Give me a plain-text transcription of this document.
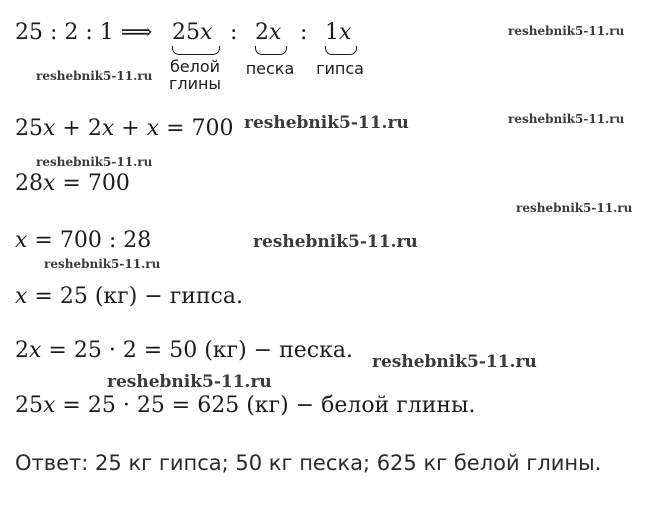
25 : 2 : 1 ⟹ 25x
белой
глины
: 2x
песка
: 1x
гипса
25x + 2x + x = 700
28x = 700
x = 700 : 28
x = 25 (кг) − гипса.
2x = 25 · 2 = 50 (кг) − песка.
25x = 25 · 25 = 625 (кг) − белой глины.
Ответ: 25 кг гипса; 50 кг песка; 625 кг белой глины.
reshebnik5-11.ru
reshebnik5-11.ru
reshebnik5-11.ru	reshebnik5-11.ru
reshebnik5-11.ru
reshebnik5-11.ru
reshebnik5-11.ru
reshebnik5-11.ru
reshebnik5-11.ru
reshebnik5-11.ru
